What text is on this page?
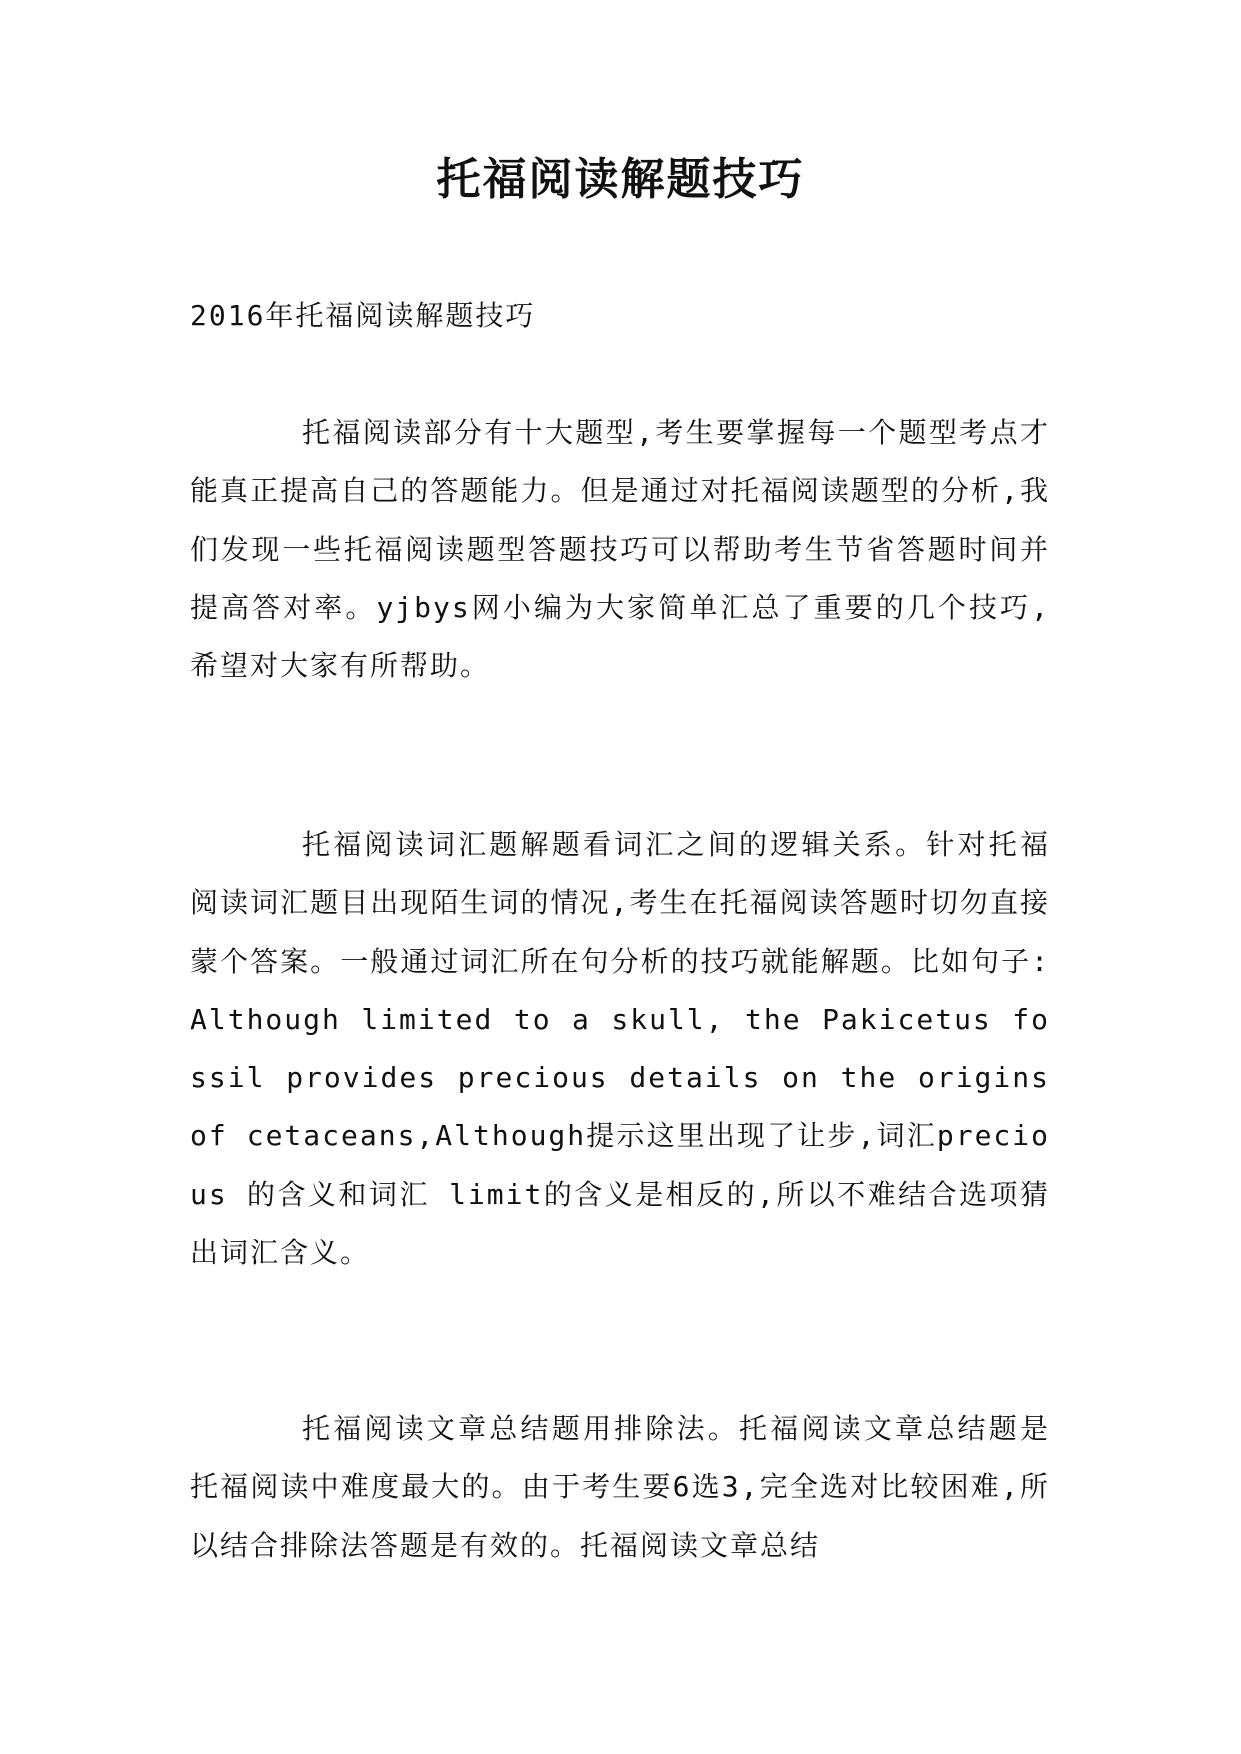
托福阅读解题技巧
2016年托福阅读解题技巧

托福阅读部分有十大题型,考生要掌握每一个题型考点才能真正提高自己的答题能力。但是通过对托福阅读题型的分析,我们发现一些托福阅读题型答题技巧可以帮助考生节省答题时间并提高答对率。yjbys网小编为大家简单汇总了重要的几个技巧,希望对大家有所帮助。

托福阅读词汇题解题看词汇之间的逻辑关系。针对托福阅读词汇题目出现陌生词的情况,考生在托福阅读答题时切勿直接蒙个答案。一般通过词汇所在句分析的技巧就能解题。比如句子:Although limited to a skull, the Pakicetus fossil provides precious details on the origins of cetaceans,Although提示这里出现了让步,词汇precious 的含义和词汇 limit的含义是相反的,所以不难结合选项猜出词汇含义。

托福阅读文章总结题用排除法。托福阅读文章总结题是托福阅读中难度最大的。由于考生要6选3,完全选对比较困难,所以结合排除法答题是有效的。托福阅读文章总结
